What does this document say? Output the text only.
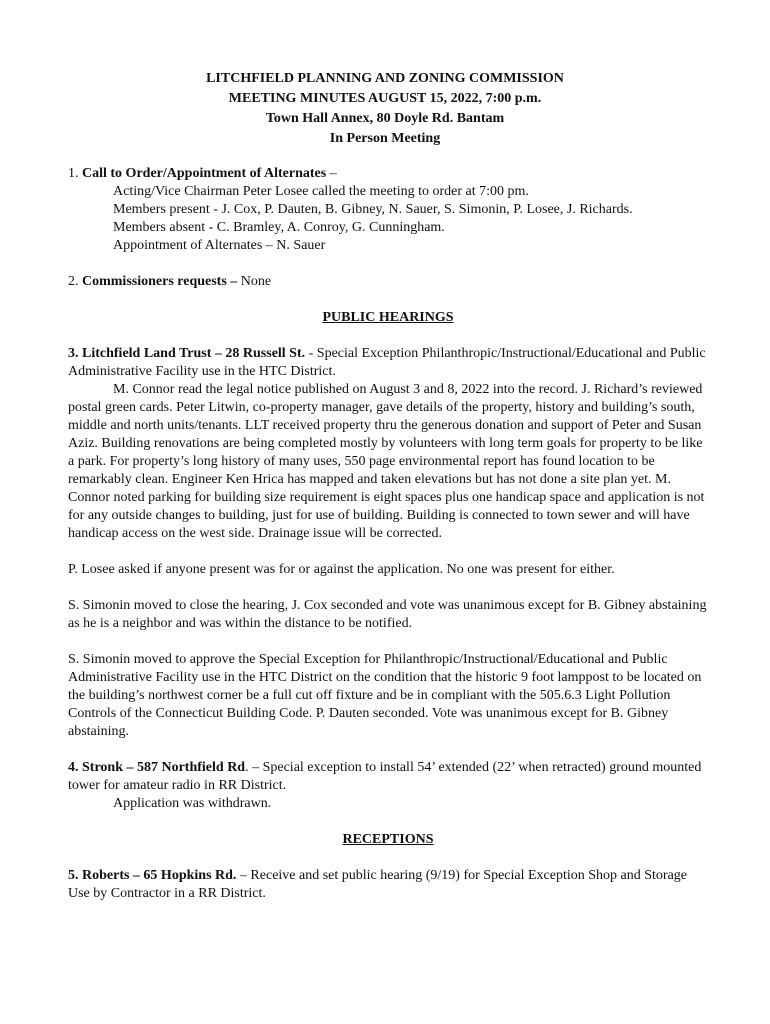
LITCHFIELD PLANNING AND ZONING COMMISSION
MEETING MINUTES AUGUST 15, 2022, 7:00 p.m.
Town Hall Annex, 80 Doyle Rd. Bantam
In Person Meeting

1. Call to Order/Appointment of Alternates –

Acting/Vice Chairman Peter Losee called the meeting to order at 7:00 pm.

Members present - J. Cox, P. Dauten, B. Gibney, N. Sauer, S. Simonin, P. Losee, J. Richards.

Members absent - C. Bramley, A. Conroy, G. Cunningham.

Appointment of Alternates – N. Sauer

2. Commissioners requests – None

PUBLIC HEARINGS

3. Litchfield Land Trust – 28 Russell St. - Special Exception Philanthropic/Instructional/Educational and Public Administrative Facility use in the HTC District.

M. Connor read the legal notice published on August 3 and 8, 2022 into the record. J. Richard’s reviewed postal green cards. Peter Litwin, co-property manager, gave details of the property, history and building’s south, middle and north units/tenants. LLT received property thru the generous donation and support of Peter and Susan Aziz. Building renovations are being completed mostly by volunteers with long term goals for property to be like a park. For property’s long history of many uses, 550 page environmental report has found location to be remarkably clean. Engineer Ken Hrica has mapped and taken elevations but has not done a site plan yet. M. Connor noted parking for building size requirement is eight spaces plus one handicap space and application is not for any outside changes to building, just for use of building. Building is connected to town sewer and will have handicap access on the west side. Drainage issue will be corrected.

P. Losee asked if anyone present was for or against the application. No one was present for either.

S. Simonin moved to close the hearing, J. Cox seconded and vote was unanimous except for B. Gibney abstaining as he is a neighbor and was within the distance to be notified.

S. Simonin moved to approve the Special Exception for Philanthropic/Instructional/Educational and Public Administrative Facility use in the HTC District on the condition that the historic 9 foot lamppost to be located on the building’s northwest corner be a full cut off fixture and be in compliant with the 505.6.3 Light Pollution Controls of the Connecticut Building Code. P. Dauten seconded. Vote was unanimous except for B. Gibney abstaining.

4. Stronk – 587 Northfield Rd. – Special exception to install 54’ extended (22’ when retracted) ground mounted tower for amateur radio in RR District.

Application was withdrawn.

RECEPTIONS

5. Roberts – 65 Hopkins Rd. – Receive and set public hearing (9/19) for Special Exception Shop and Storage Use by Contractor in a RR District.
